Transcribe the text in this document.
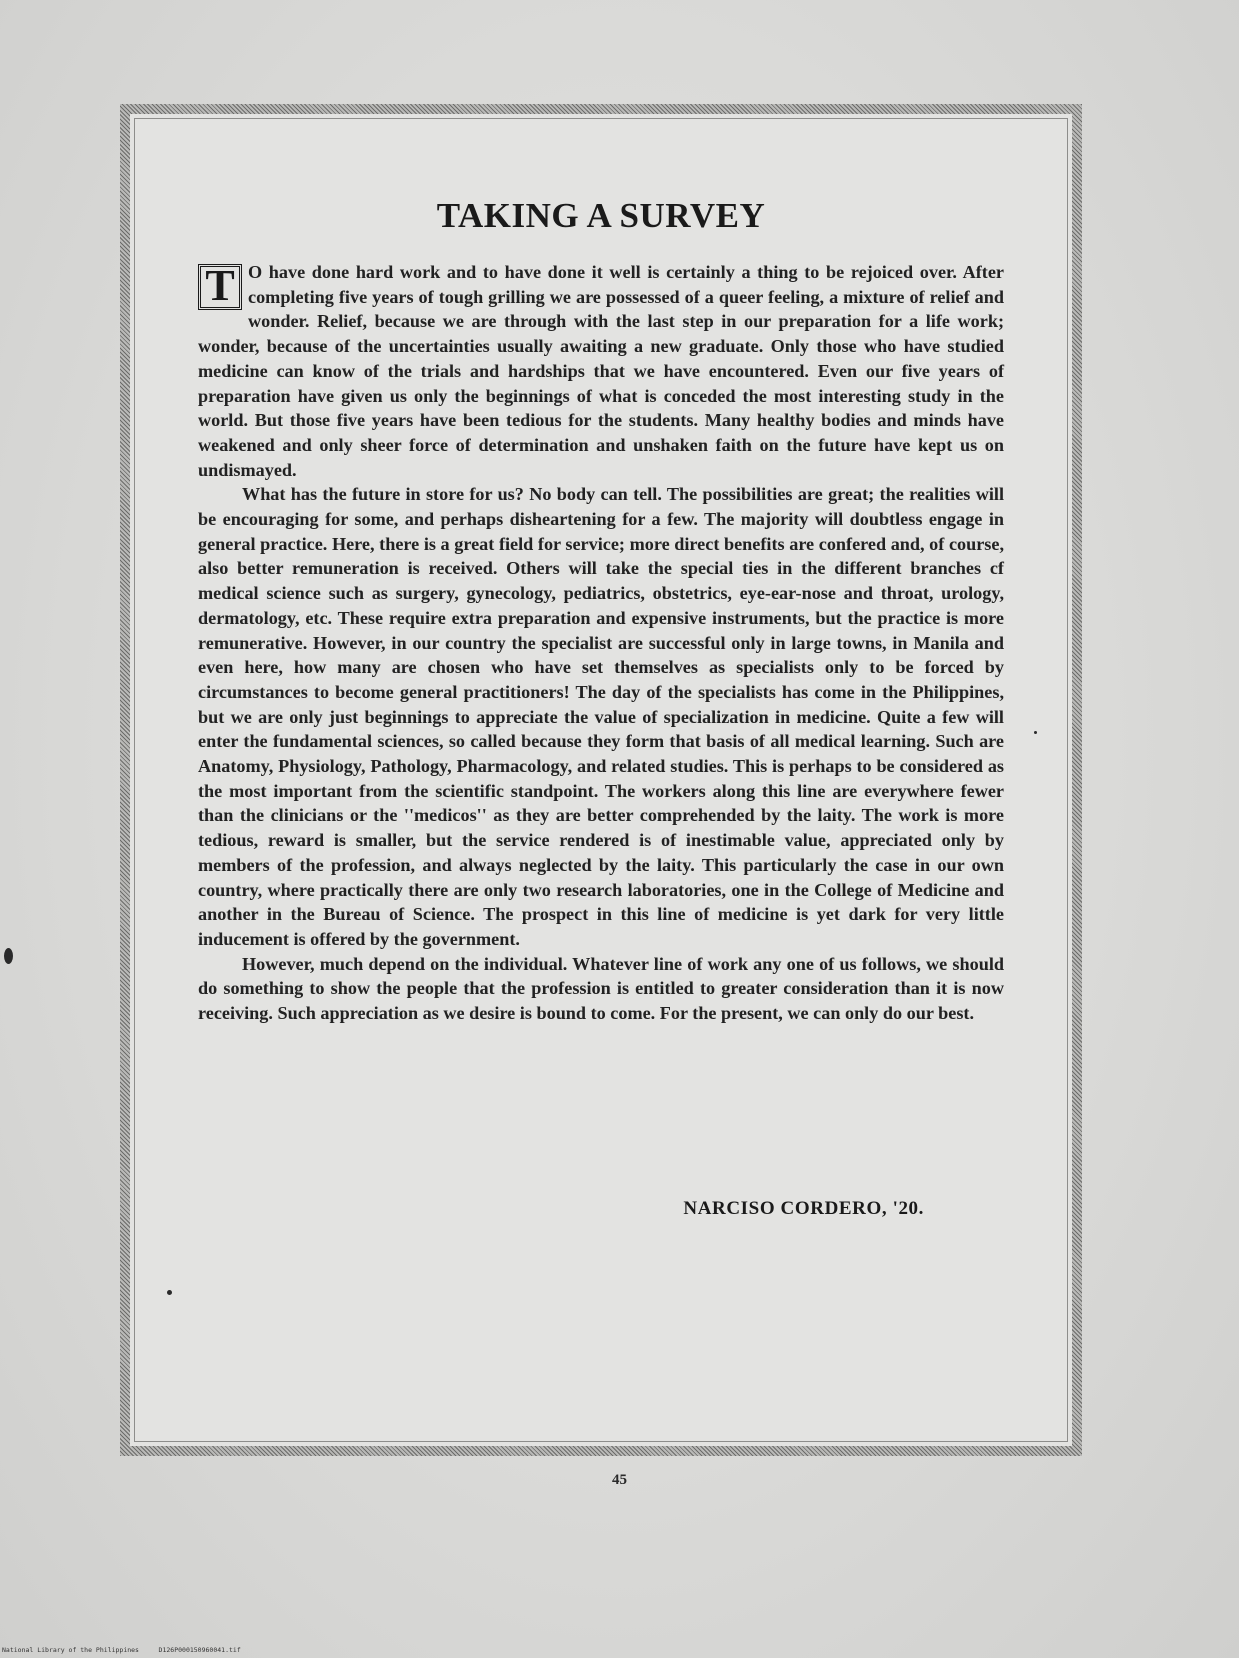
TAKING A SURVEY

T O have done hard work and to have done it well is certainly a thing to be rejoiced over. After completing five years of tough grilling we are possessed of a queer feeling, a mixture of relief and wonder. Relief, because we are through with the last step in our preparation for a life work; wonder, because of the uncertainties usually awaiting a new graduate. Only those who have studied medicine can know of the trials and hardships that we have encountered. Even our five years of preparation have given us only the beginnings of what is conceded the most interesting study in the world. But those five years have been tedious for the students. Many healthy bodies and minds have weakened and only sheer force of determination and unshaken faith on the future have kept us on undismayed.

What has the future in store for us? No body can tell. The possibilities are great; the realities will be encouraging for some, and perhaps disheartening for a few. The majority will doubtless engage in general practice. Here, there is a great field for service; more direct benefits are confered and, of course, also better remuneration is received. Others will take the special ties in the different branches cf medical science such as surgery, gynecology, pediatrics, obstetrics, eye-ear-nose and throat, urology, dermatology, etc. These require extra preparation and expensive instruments, but the practice is more remunerative. However, in our country the specialist are successful only in large towns, in Manila and even here, how many are chosen who have set themselves as specialists only to be forced by circumstances to become general practitioners! The day of the specialists has come in the Philippines, but we are only just beginnings to appreciate the value of specialization in medicine. Quite a few will enter the fundamental sciences, so called because they form that basis of all medical learning. Such are Anatomy, Physiology, Pathology, Pharmacology, and related studies. This is perhaps to be considered as the most important from the scientific standpoint. The workers along this line are everywhere fewer than the clinicians or the ''medicos'' as they are better comprehended by the laity. The work is more tedious, reward is smaller, but the service rendered is of inestimable value, appreciated only by members of the profession, and always neglected by the laity. This particularly the case in our own country, where practically there are only two research laboratories, one in the College of Medicine and another in the Bureau of Science. The prospect in this line of medicine is yet dark for very little inducement is offered by the government.

However, much depend on the individual. Whatever line of work any one of us follows, we should do something to show the people that the profession is entitled to greater consideration than it is now receiving. Such appreciation as we desire is bound to come. For the present, we can only do our best.

NARCISO CORDERO, '20.
45
National Library of the Philippines	D126P000150960041.tif
